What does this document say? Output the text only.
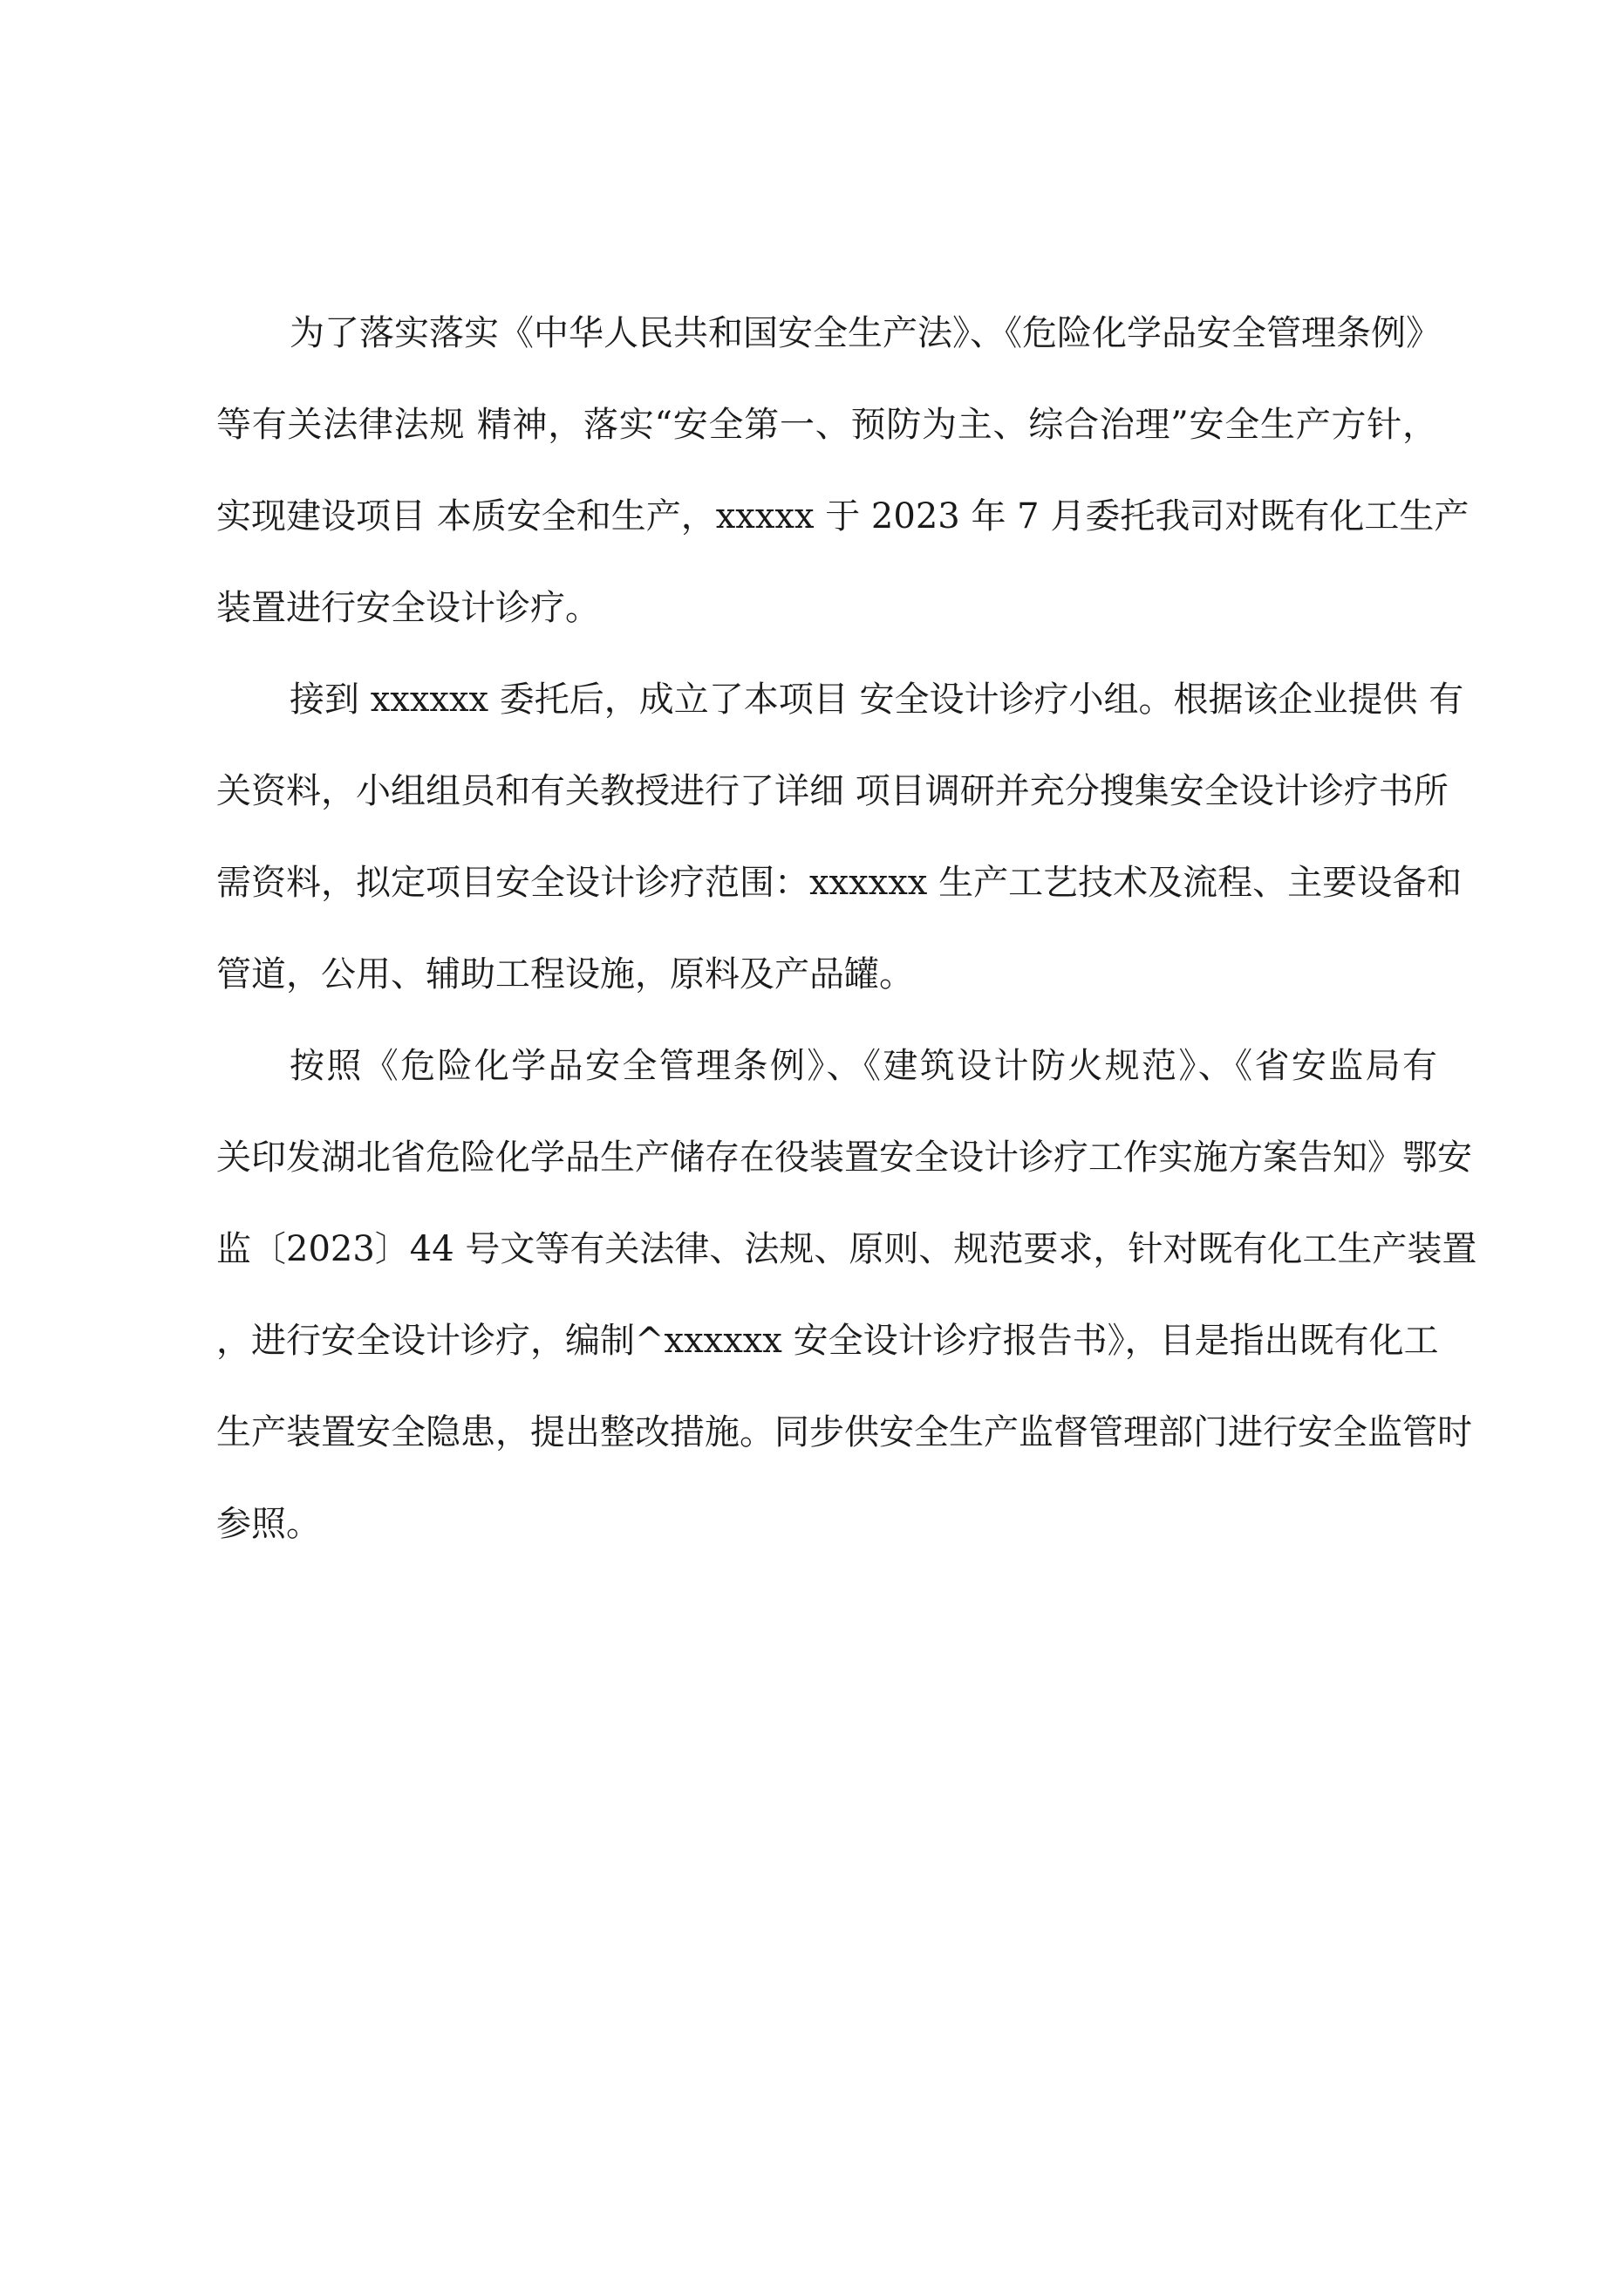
为了落实落实《中华人民共和国安全生产法》、《危险化学品安全管理条例》
等有关法律法规 精神，落实“安全第一、预防为主、综合治理”安全生产方针，
实现建设项目 本质安全和生产，xxxxx 于 2023 年 7 月委托我司对既有化工生产
装置进行安全设计诊疗。
接到 xxxxxx 委托后，成立了本项目 安全设计诊疗小组。根据该企业提供 有
关资料，小组组员和有关教授进行了详细 项目调研并充分搜集安全设计诊疗书所
需资料，拟定项目安全设计诊疗范围：xxxxxx 生产工艺技术及流程、主要设备和
管道，公用、辅助工程设施，原料及产品罐。
按照《危险化学品安全管理条例》、《建筑设计防火规范》、《省安监局有
关印发湖北省危险化学品生产储存在役装置安全设计诊疗工作实施方案告知》鄂安
监〔2023〕44 号文等有关法律、法规、原则、规范要求，针对既有化工生产装置
，进行安全设计诊疗，编制^xxxxxx 安全设计诊疗报告书》，目是指出既有化工
生产装置安全隐患，提出整改措施。同步供安全生产监督管理部门进行安全监管时
参照。
